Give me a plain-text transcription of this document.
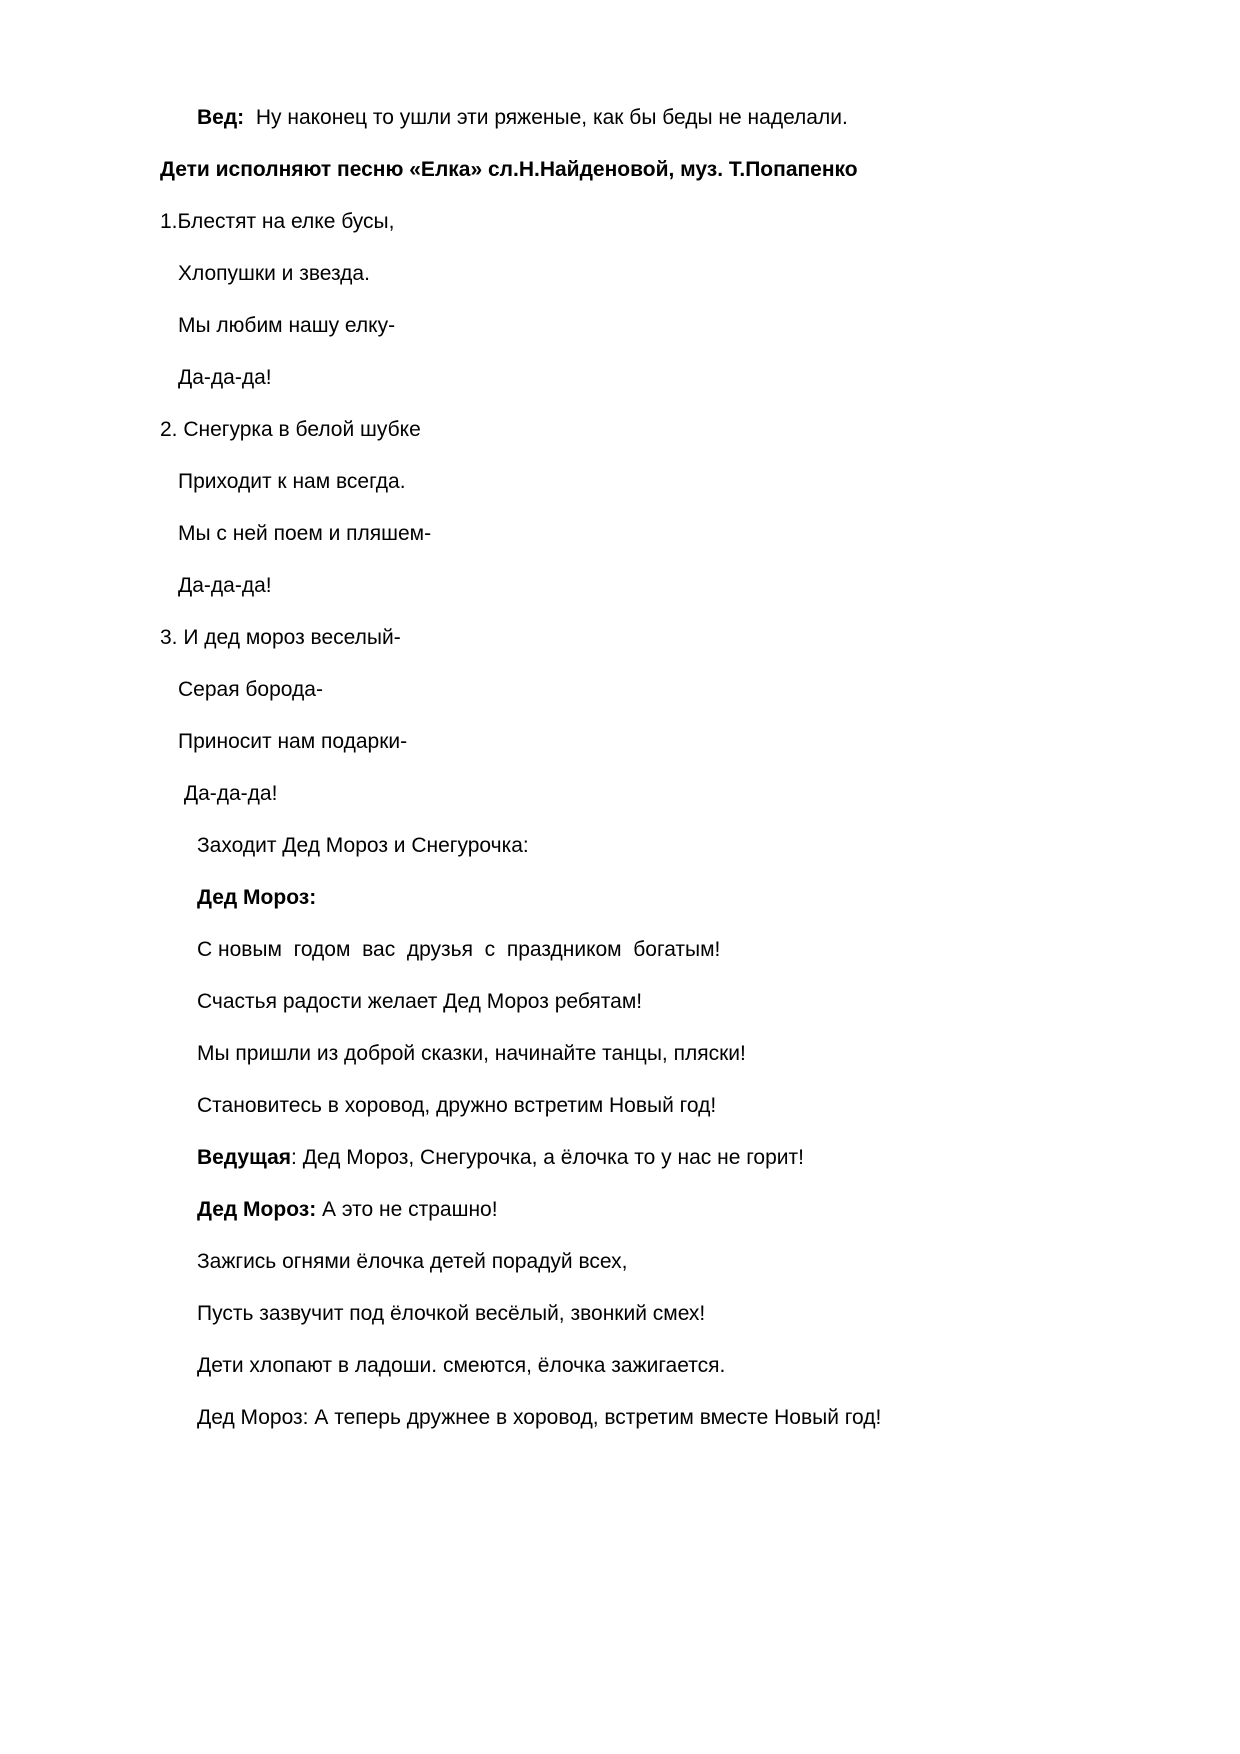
Вед:  Ну наконец то ушли эти ряженые, как бы беды не наделали.

Дети исполняют песню «Елка» сл.Н.Найденовой, муз. Т.Попапенко

1.Блестят на елке бусы,

Хлопушки и звезда.

Мы любим нашу елку-

Да-да-да!

2. Снегурка в белой шубке

Приходит к нам всегда.

Мы с ней поем и пляшем-

Да-да-да!

3. И дед мороз веселый-

Серая борода-

Приносит нам подарки-

Да-да-да!

Заходит Дед Мороз и Снегурочка:

Дед Мороз:

С новым  годом  вас  друзья  с  праздником  богатым!

Счастья радости желает Дед Мороз ребятам!

Мы пришли из доброй сказки, начинайте танцы, пляски!

Становитесь в хоровод, дружно встретим Новый год!

Ведущая: Дед Мороз, Снегурочка, а ёлочка то у нас не горит!

Дед Мороз: А это не страшно!

Зажгись огнями ёлочка детей порадуй всех,

Пусть зазвучит под ёлочкой весёлый, звонкий смех!

Дети хлопают в ладоши. смеются, ёлочка зажигается.

Дед Мороз: А теперь дружнее в хоровод, встретим вместе Новый год!
